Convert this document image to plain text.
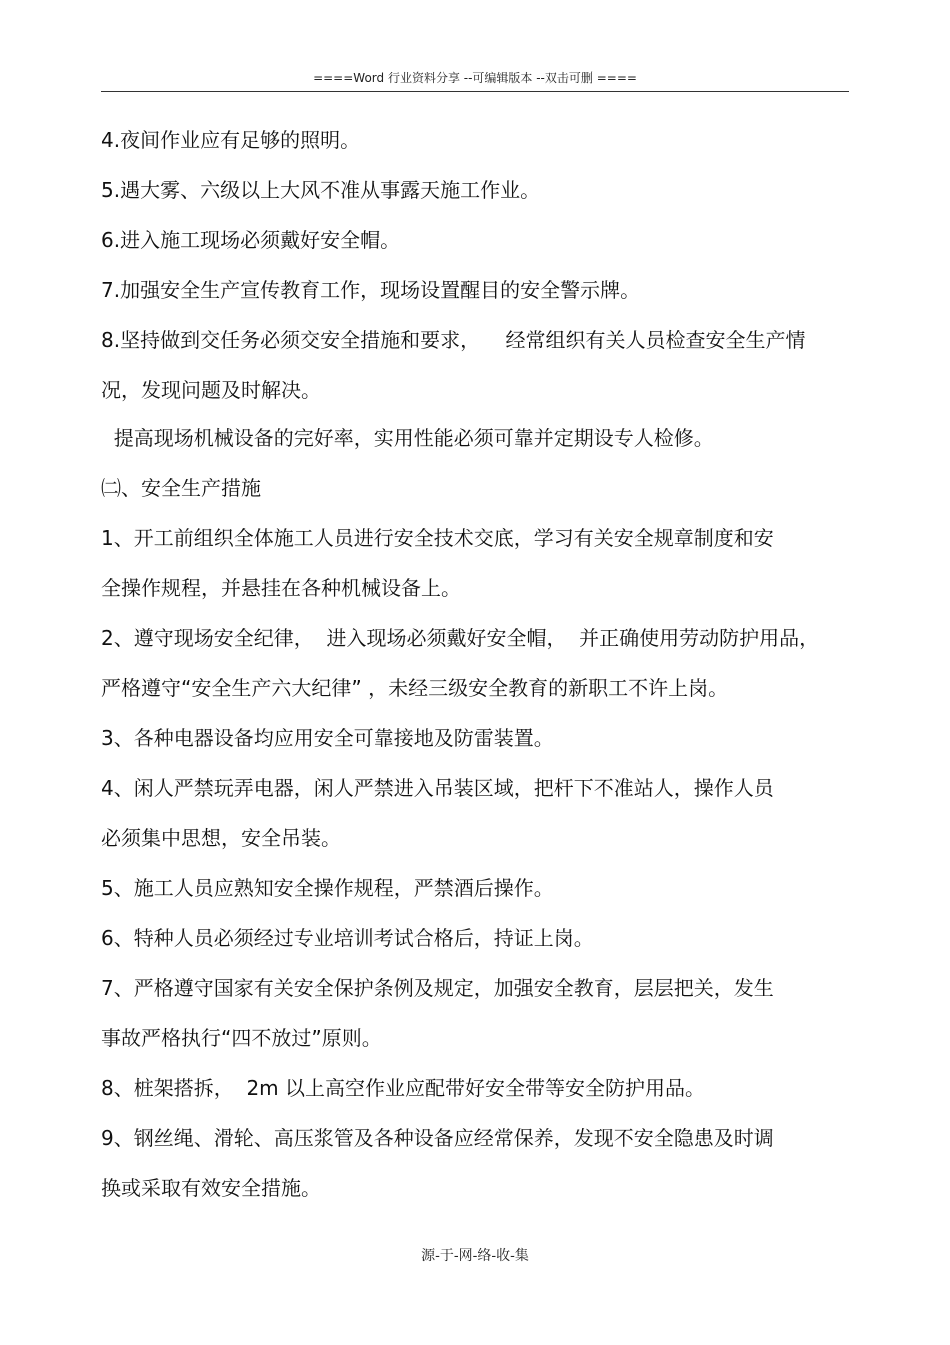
====Word 行业资料分享 --可编辑版本 --双击可删 ====
4.夜间作业应有足够的照明。
5.遇大雾、六级以上大风不准从事露天施工作业。
6.进入施工现场必须戴好安全帽。
7.加强安全生产宣传教育工作，现场设置醒目的安全警示牌。
8.坚持做到交任务必须交安全措施和要求，    经常组织有关人员检查安全生产情
况，发现问题及时解决。
提高现场机械设备的完好率，实用性能必须可靠并定期设专人检修。
㈡、安全生产措施
1、开工前组织全体施工人员进行安全技术交底，学习有关安全规章制度和安
全操作规程，并悬挂在各种机械设备上。
2、遵守现场安全纪律，  进入现场必须戴好安全帽，  并正确使用劳动防护用品，
严格遵守“安全生产六大纪律” ，未经三级安全教育的新职工不许上岗。
3、各种电器设备均应用安全可靠接地及防雷装置。
4、闲人严禁玩弄电器，闲人严禁进入吊装区域，把杆下不准站人，操作人员
必须集中思想，安全吊装。
5、施工人员应熟知安全操作规程，严禁酒后操作。
6、特种人员必须经过专业培训考试合格后，持证上岗。
7、严格遵守国家有关安全保护条例及规定，加强安全教育，层层把关，发生
事故严格执行“四不放过”原则。
8、桩架搭拆，  2m 以上高空作业应配带好安全带等安全防护用品。
9、钢丝绳、滑轮、高压浆管及各种设备应经常保养，发现不安全隐患及时调
换或采取有效安全措施。
源-于-网-络-收-集
